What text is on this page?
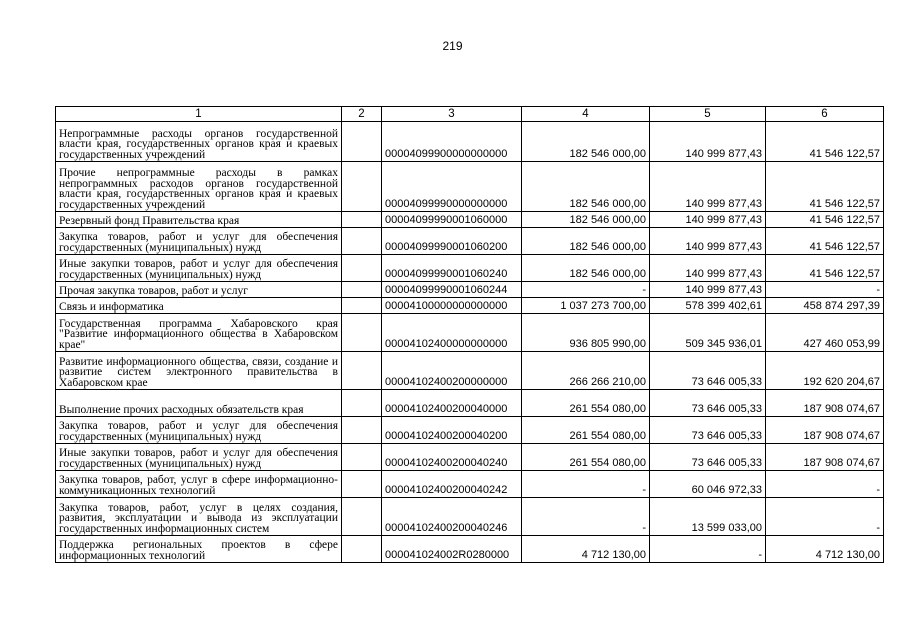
219
1	2	3	4	5	6
Непрограммные расходы органов государственной власти края, государственных органов края и краевых государственных учреждений		00004099900000000000	182 546 000,00	140 999 877,43	41 546 122,57
Прочие непрограммные расходы в рамках непрограммных расходов органов государственной власти края, государственных органов края и краевых государственных учреждений		00004099990000000000	182 546 000,00	140 999 877,43	41 546 122,57
Резервный фонд Правительства края		00004099990001060000	182 546 000,00	140 999 877,43	41 546 122,57
Закупка товаров, работ и услуг для обеспечения государственных (муниципальных) нужд		00004099990001060200	182 546 000,00	140 999 877,43	41 546 122,57
Иные закупки товаров, работ и услуг для обеспечения государственных (муниципальных) нужд		00004099990001060240	182 546 000,00	140 999 877,43	41 546 122,57
Прочая закупка товаров, работ и услуг		00004099990001060244	-	140 999 877,43	-
Связь и информатика		00004100000000000000	1 037 273 700,00	578 399 402,61	458 874 297,39
Государственная программа Хабаровского края "Развитие информационного общества в Хабаровском крае"		00004102400000000000	936 805 990,00	509 345 936,01	427 460 053,99
Развитие информационного общества, связи, создание и развитие систем электронного правительства в Хабаровском крае		00004102400200000000	266 266 210,00	73 646 005,33	192 620 204,67
Выполнение прочих расходных обязательств края		00004102400200040000	261 554 080,00	73 646 005,33	187 908 074,67
Закупка товаров, работ и услуг для обеспечения государственных (муниципальных) нужд		00004102400200040200	261 554 080,00	73 646 005,33	187 908 074,67
Иные закупки товаров, работ и услуг для обеспечения государственных (муниципальных) нужд		00004102400200040240	261 554 080,00	73 646 005,33	187 908 074,67
Закупка товаров, работ, услуг в сфере информационно-коммуникационных технологий		00004102400200040242	-	60 046 972,33	-
Закупка товаров, работ, услуг в целях создания, развития, эксплуатации и вывода из эксплуатации государственных информационных систем		00004102400200040246	-	13 599 033,00	-
Поддержка региональных проектов в сфере информационных технологий		000041024002R0280000	4 712 130,00	-	4 712 130,00
